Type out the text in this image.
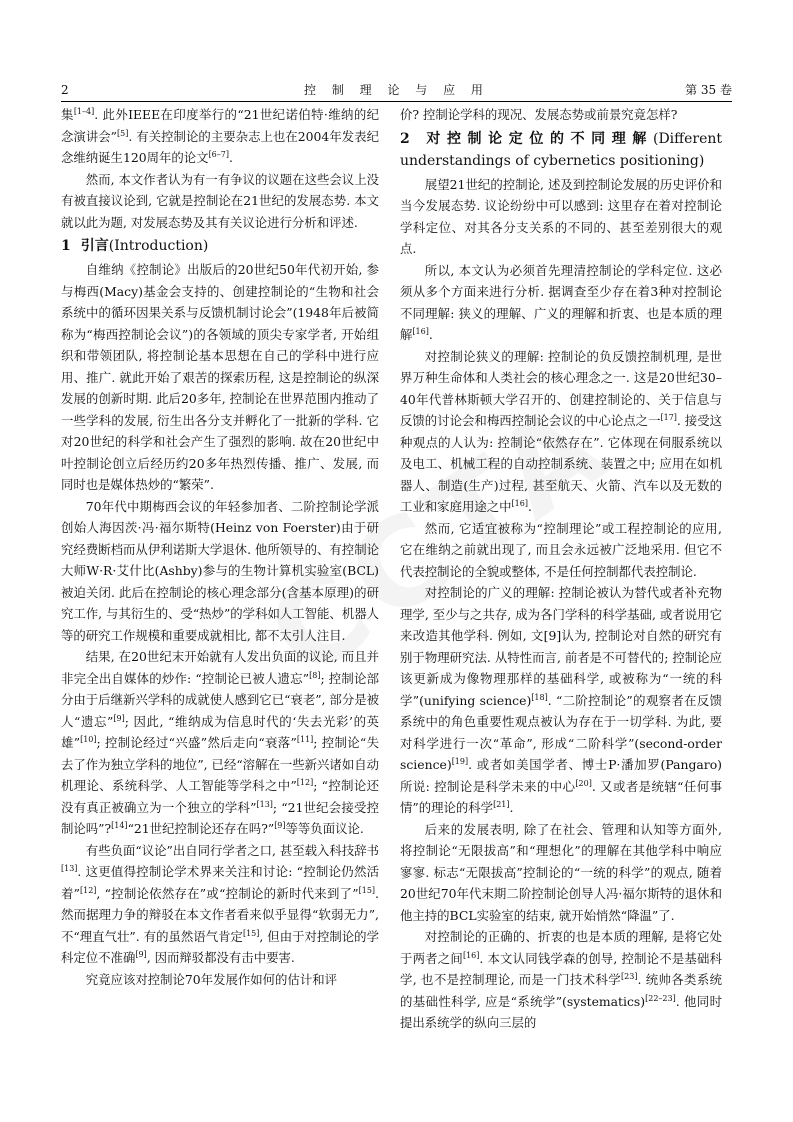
2	控 制 理 论 与 应 用	第 35 卷

集[1–4]. 此外IEEE在印度举行的“21世纪诺伯特·维纳的纪念演讲会”[5]. 有关控制论的主要杂志上也在2004年发表纪念维纳诞生120周年的论文[6–7].

然而, 本文作者认为有一有争议的议题在这些会议上没有被直接议论到, 它就是控制论在21世纪的发展态势. 本文就以此为题, 对发展态势及其有关议论进行分析和评述.

1 引言(Introduction)

自维纳《控制论》出版后的20世纪50年代初开始, 参与梅西(Macy)基金会支持的、创建控制论的“生物和社会系统中的循环因果关系与反馈机制讨论会”(1948年后被简称为“梅西控制论会议”)的各领域的顶尖专家学者, 开始组织和带领团队, 将控制论基本思想在自己的学科中进行应用、推广. 就此开始了艰苦的探索历程, 这是控制论的纵深发展的创新时期. 此后20多年, 控制论在世界范围内推动了一些学科的发展, 衍生出各分支并孵化了一批新的学科. 它对20世纪的科学和社会产生了强烈的影响. 故在20世纪中叶控制论创立后经历约20多年热烈传播、推广、发展, 而同时也是媒体热炒的“繁荣”.

70年代中期梅西会议的年轻参加者、二阶控制论学派创始人海因茨·冯·福尔斯特(Heinz von Foerster)由于研究经费断档而从伊利诺斯大学退休. 他所领导的、有控制论大师W·R·艾什比(Ashby)参与的生物计算机实验室(BCL)被迫关闭. 此后在控制论的核心理念部分(含基本原理)的研究工作, 与其衍生的、受“热炒”的学科如人工智能、机器人等的研究工作规模和重要成就相比, 都不太引人注目.

结果, 在20世纪末开始就有人发出负面的议论, 而且并非完全出自媒体的炒作: “控制论已被人遗忘”[8]; 控制论部分由于后继新兴学科的成就使人感到它已“衰老”, 部分是被人“遗忘”[9]; 因此, “维纳成为信息时代的‘失去光彩’的英雄”[10]; 控制论经过“兴盛”然后走向“衰落”[11]; 控制论“失去了作为独立学科的地位”, 已经“溶解在一些新兴诸如自动机理论、系统科学、人工智能等学科之中”[12]; “控制论还没有真正被确立为一个独立的学科”[13]; “21世纪会接受控制论吗”?[14]“21世纪控制论还存在吗?”[9]等等负面议论.

有些负面“议论”出自同行学者之口, 甚至载入科技辞书[13]. 这更值得控制论学术界来关注和讨论: “控制论仍然活着”[12], “控制论依然存在”或“控制论的新时代来到了”[15]. 然而据理力争的辩驳在本文作者看来似乎显得“软弱无力”, 不“理直气壮”. 有的虽然语气肯定[15], 但由于对控制论的学科定位不准确[9], 因而辩驳都没有击中要害.

究竟应该对控制论70年发展作如何的估计和评

价? 控制论学科的现况、发展态势或前景究竟怎样?

2 对控制论定位的不同理解(Different understandings of cybernetics positioning)

展望21世纪的控制论, 述及到控制论发展的历史评价和当今发展态势. 议论纷纷中可以感到: 这里存在着对控制论学科定位、对其各分支关系的不同的、甚至差别很大的观点.

所以, 本文认为必须首先理清控制论的学科定位. 这必须从多个方面来进行分析. 据调查至少存在着3种对控制论不同理解: 狭义的理解、广义的理解和折衷、也是本质的理解[16].

对控制论狭义的理解: 控制论的负反馈控制机理, 是世界万种生命体和人类社会的核心理念之一. 这是20世纪30–40年代普林斯顿大学召开的、创建控制论的、关于信息与反馈的讨论会和梅西控制论会议的中心论点之一[17]. 接受这种观点的人认为: 控制论“依然存在”. 它体现在伺服系统以及电工、机械工程的自动控制系统、装置之中; 应用在如机器人、制造(生产)过程, 甚至航天、火箭、汽车以及无数的工业和家庭用途之中[16].

然而, 它适宜被称为“控制理论”或工程控制论的应用, 它在维纳之前就出现了, 而且会永远被广泛地采用. 但它不代表控制论的全貌或整体, 不是任何控制都代表控制论.

对控制论的广义的理解: 控制论被认为替代或者补充物理学, 至少与之共存, 成为各门学科的科学基础, 或者说用它来改造其他学科. 例如, 文[9]认为, 控制论对自然的研究有别于物理研究法. 从特性而言, 前者是不可替代的; 控制论应该更新成为像物理那样的基础科学, 或被称为“一统的科学”(unifying science)[18]. “二阶控制论”的观察者在反馈系统中的角色重要性观点被认为存在于一切学科. 为此, 要对科学进行一次“革命”, 形成“二阶科学”(second-order science)[19]. 或者如美国学者、博士P·潘加罗(Pangaro)所说: 控制论是科学未来的中心[20]. 又或者是统辖“任何事情”的理论的科学[21].

后来的发展表明, 除了在社会、管理和认知等方面外, 将控制论“无限拔高”和“理想化”的理解在其他学科中响应寥寥. 标志“无限拔高”控制论的“一统的科学”的观点, 随着20世纪70年代末期二阶控制论创导人冯·福尔斯特的退休和他主持的BCL实验室的结束, 就开始悄然“降温”了.

对控制论的正确的、折衷的也是本质的理解, 是将它处于两者之间[16]. 本文认同钱学森的创导, 控制论不是基础科学, 也不是控制理论, 而是一门技术科学[23]. 统帅各类系统的基础性科学, 应是“系统学”(systematics)[22–23]. 他同时提出系统学的纵向三层的
